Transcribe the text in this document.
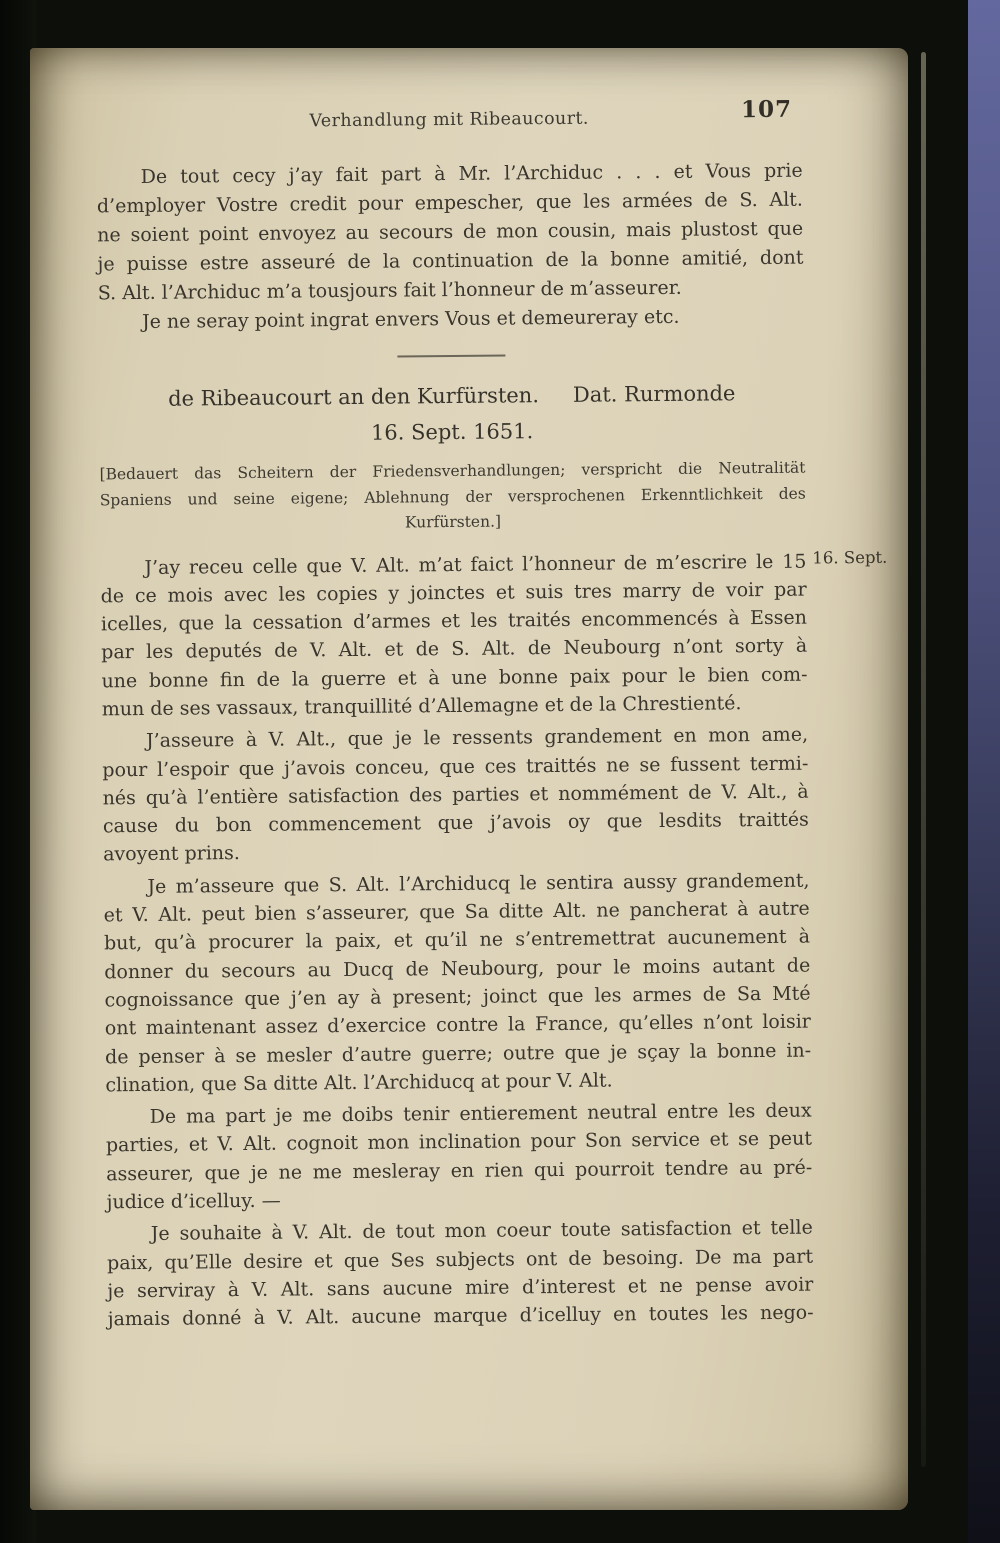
Verhandlung mit Ribeaucourt.	107
De tout cecy j’ay fait part à Mr. l’Archiduc . . . et Vous prie
d’employer Vostre credit pour empescher, que les armées de S. Alt.
ne soient point envoyez au secours de mon cousin, mais plustost que
je puisse estre asseuré de la continuation de la bonne amitié, dont
S. Alt. l’Archiduc m’a tousjours fait l’honneur de m’asseurer.
Je ne seray point ingrat envers Vous et demeureray etc.
de Ribeaucourt an den Kurfürsten. Dat. Rurmonde
16. Sept. 1651.
[Bedauert das Scheitern der Friedensverhandlungen; verspricht die Neutralität
Spaniens und seine eigene; Ablehnung der versprochenen Erkenntlichkeit des
Kurfürsten.]
16. Sept.
J’ay receu celle que V. Alt. m’at faict l’honneur de m’escrire le 15
de ce mois avec les copies y joinctes et suis tres marry de voir par
icelles, que la cessation d’armes et les traités encommencés à Essen
par les deputés de V. Alt. et de S. Alt. de Neubourg n’ont sorty à
une bonne fin de la guerre et à une bonne paix pour le bien com-
mun de ses vassaux, tranquillité d’Allemagne et de la Chrestienté.
J’asseure à V. Alt., que je le ressents grandement en mon ame,
pour l’espoir que j’avois conceu, que ces traittés ne se fussent termi-
nés qu’à l’entière satisfaction des parties et nommément de V. Alt., à
cause du bon commencement que j’avois oy que lesdits traittés
avoyent prins.
Je m’asseure que S. Alt. l’Archiducq le sentira aussy grandement,
et V. Alt. peut bien s’asseurer, que Sa ditte Alt. ne pancherat à autre
but, qu’à procurer la paix, et qu’il ne s’entremettrat aucunement à
donner du secours au Ducq de Neubourg, pour le moins autant de
cognoissance que j’en ay à present; joinct que les armes de Sa Mté
ont maintenant assez d’exercice contre la France, qu’elles n’ont loisir
de penser à se mesler d’autre guerre; outre que je sçay la bonne in-
clination, que Sa ditte Alt. l’Archiducq at pour V. Alt.
De ma part je me doibs tenir entierement neutral entre les deux
parties, et V. Alt. cognoit mon inclination pour Son service et se peut
asseurer, que je ne me mesleray en rien qui pourroit tendre au pré-
judice d’icelluy. —
Je souhaite à V. Alt. de tout mon coeur toute satisfaction et telle
paix, qu’Elle desire et que Ses subjects ont de besoing. De ma part
je serviray à V. Alt. sans aucune mire d’interest et ne pense avoir
jamais donné à V. Alt. aucune marque d’icelluy en toutes les nego-
